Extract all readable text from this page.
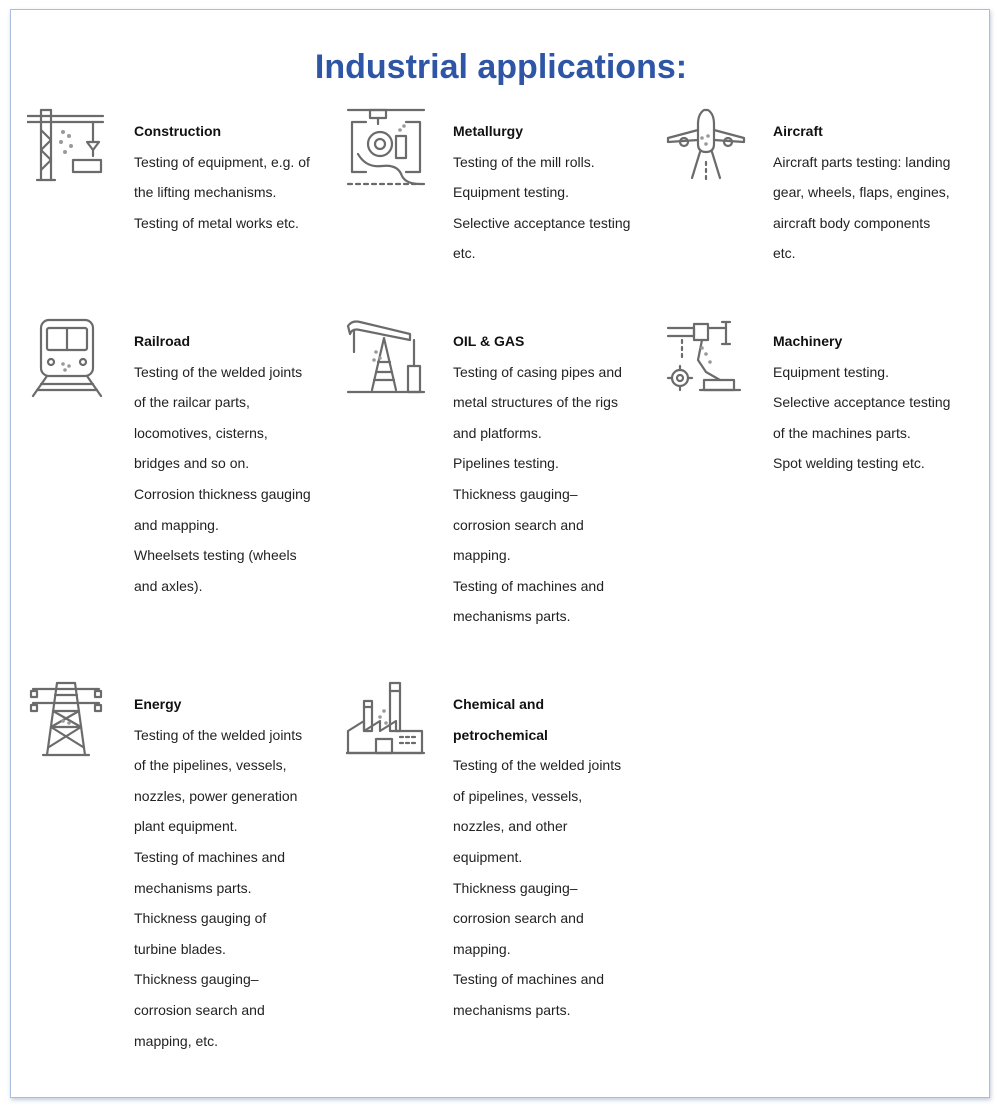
Industrial applications:
Construction
Testing of equipment, e.g. of
the lifting mechanisms.
Testing of metal works etc.
Metallurgy
Testing of the mill rolls.
Equipment testing.
Selective acceptance testing
etc.
Aircraft
Aircraft parts testing: landing
gear, wheels, flaps, engines,
aircraft body components
etc.
Railroad
Testing of the welded joints
of the railcar parts,
locomotives, cisterns,
bridges and so on.
Corrosion thickness gauging
and mapping.
Wheelsets testing (wheels
and axles).
OIL & GAS
Testing of casing pipes and
metal structures of the rigs
and platforms.
Pipelines testing.
Thickness gauging–
corrosion search and
mapping.
Testing of machines and
mechanisms parts.
Machinery
Equipment testing.
Selective acceptance testing
of the machines parts.
Spot welding testing etc.
Energy
Testing of the welded joints
of the pipelines, vessels,
nozzles, power generation
plant equipment.
Testing of machines and
mechanisms parts.
Thickness gauging of
turbine blades.
Thickness gauging–
corrosion search and
mapping, etc.
Chemical and
petrochemical
Testing of the welded joints
of pipelines, vessels,
nozzles, and other
equipment.
Thickness gauging–
corrosion search and
mapping.
Testing of machines and
mechanisms parts.
